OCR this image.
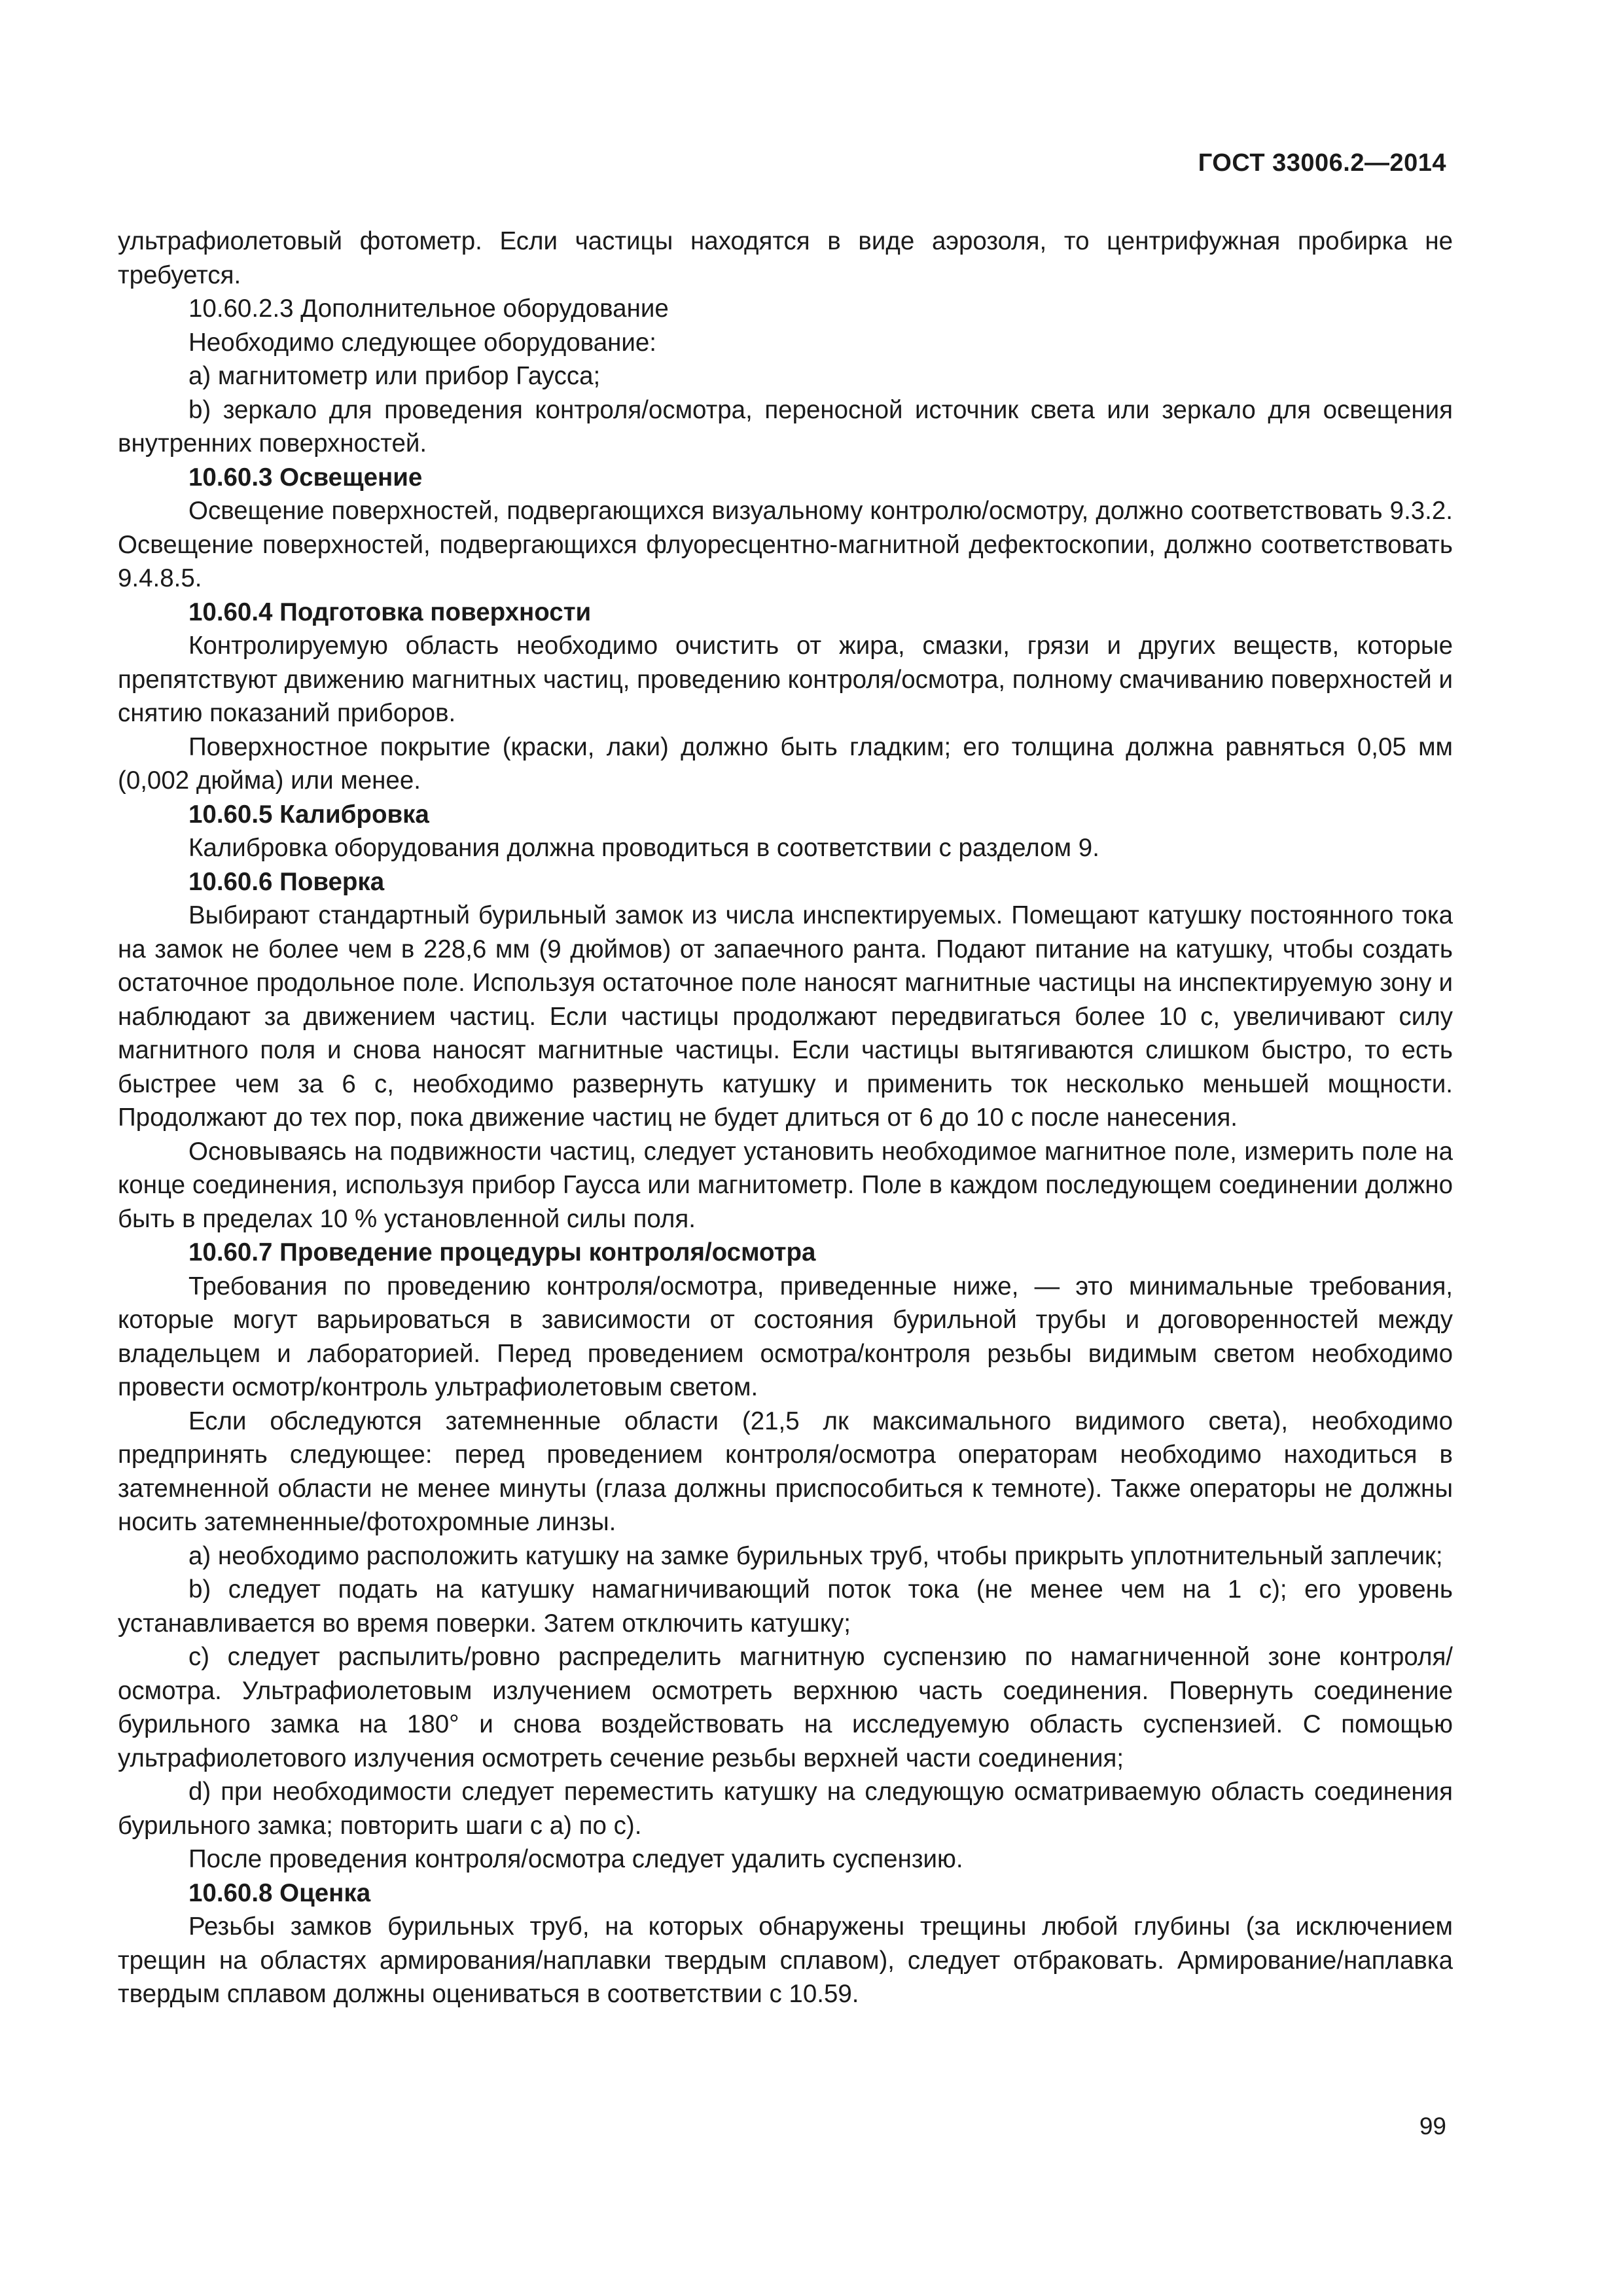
ГОСТ 33006.2—2014

ультрафиолетовый фотометр. Если частицы находятся в виде аэрозоля, то центрифужная пробирка не требуется.

10.60.2.3 Дополнительное оборудование

Необходимо следующее оборудование:

a) магнитометр или прибор Гаусса;

b) зеркало для проведения контроля/осмотра, переносной источник света или зеркало для освещения внутренних поверхностей.

10.60.3 Освещение

Освещение поверхностей, подвергающихся визуальному контролю/осмотру, должно соответствовать 9.3.2. Освещение поверхностей, подвергающихся флуоресцентно-магнитной дефектоскопии, должно соответствовать 9.4.8.5.

10.60.4 Подготовка поверхности

Контролируемую область необходимо очистить от жира, смазки, грязи и других веществ, которые препятствуют движению магнитных частиц, проведению контроля/осмотра, полному смачиванию поверхностей и снятию показаний приборов.

Поверхностное покрытие (краски, лаки) должно быть гладким; его толщина должна равняться 0,05 мм (0,002 дюйма) или менее.

10.60.5 Калибровка

Калибровка оборудования должна проводиться в соответствии с разделом 9.

10.60.6 Поверка

Выбирают стандартный бурильный замок из числа инспектируемых. Помещают катушку постоянного тока на замок не более чем в 228,6 мм (9 дюймов) от запаечного ранта. Подают питание на катушку, чтобы создать остаточное продольное поле. Используя остаточное поле наносят магнитные частицы на инспектируемую зону и наблюдают за движением частиц. Если частицы продолжают передвигаться более 10 с, увеличивают силу магнитного поля и снова наносят магнитные частицы. Если частицы вытягиваются слишком быстро, то есть быстрее чем за 6 с, необходимо развернуть катушку и применить ток несколько меньшей мощности. Продолжают до тех пор, пока движение частиц не будет длиться от 6 до 10 с после нанесения.

Основываясь на подвижности частиц, следует установить необходимое магнитное поле, измерить поле на конце соединения, используя прибор Гаусса или магнитометр. Поле в каждом последующем соединении должно быть в пределах 10 % установленной силы поля.

10.60.7 Проведение процедуры контроля/осмотра

Требования по проведению контроля/осмотра, приведенные ниже, — это минимальные требования, которые могут варьироваться в зависимости от состояния бурильной трубы и договоренностей между владельцем и лабораторией. Перед проведением осмотра/контроля резьбы видимым светом необходимо провести осмотр/контроль ультрафиолетовым светом.

Если обследуются затемненные области (21,5 лк максимального видимого света), необходимо предпринять следующее: перед проведением контроля/осмотра операторам необходимо находиться в затемненной области не менее минуты (глаза должны приспособиться к темноте). Также операторы не должны носить затемненные/фотохромные линзы.

a) необходимо расположить катушку на замке бурильных труб, чтобы прикрыть уплотнительный заплечик;

b) следует подать на катушку намагничивающий поток тока (не менее чем на 1 с); его уровень устанавливается во время поверки. Затем отключить катушку;

c) следует распылить/ровно распределить магнитную суспензию по намагниченной зоне контроля/осмотра. Ультрафиолетовым излучением осмотреть верхнюю часть соединения. Повернуть соединение бурильного замка на 180° и снова воздействовать на исследуемую область суспензией. С помощью ультрафиолетового излучения осмотреть сечение резьбы верхней части соединения;

d) при необходимости следует переместить катушку на следующую осматриваемую область соединения бурильного замка; повторить шаги с a) по c).

После проведения контроля/осмотра следует удалить суспензию.

10.60.8 Оценка

Резьбы замков бурильных труб, на которых обнаружены трещины любой глубины (за исключением трещин на областях армирования/наплавки твердым сплавом), следует отбраковать. Армирование/наплавка твердым сплавом должны оцениваться в соответствии с 10.59.

99
